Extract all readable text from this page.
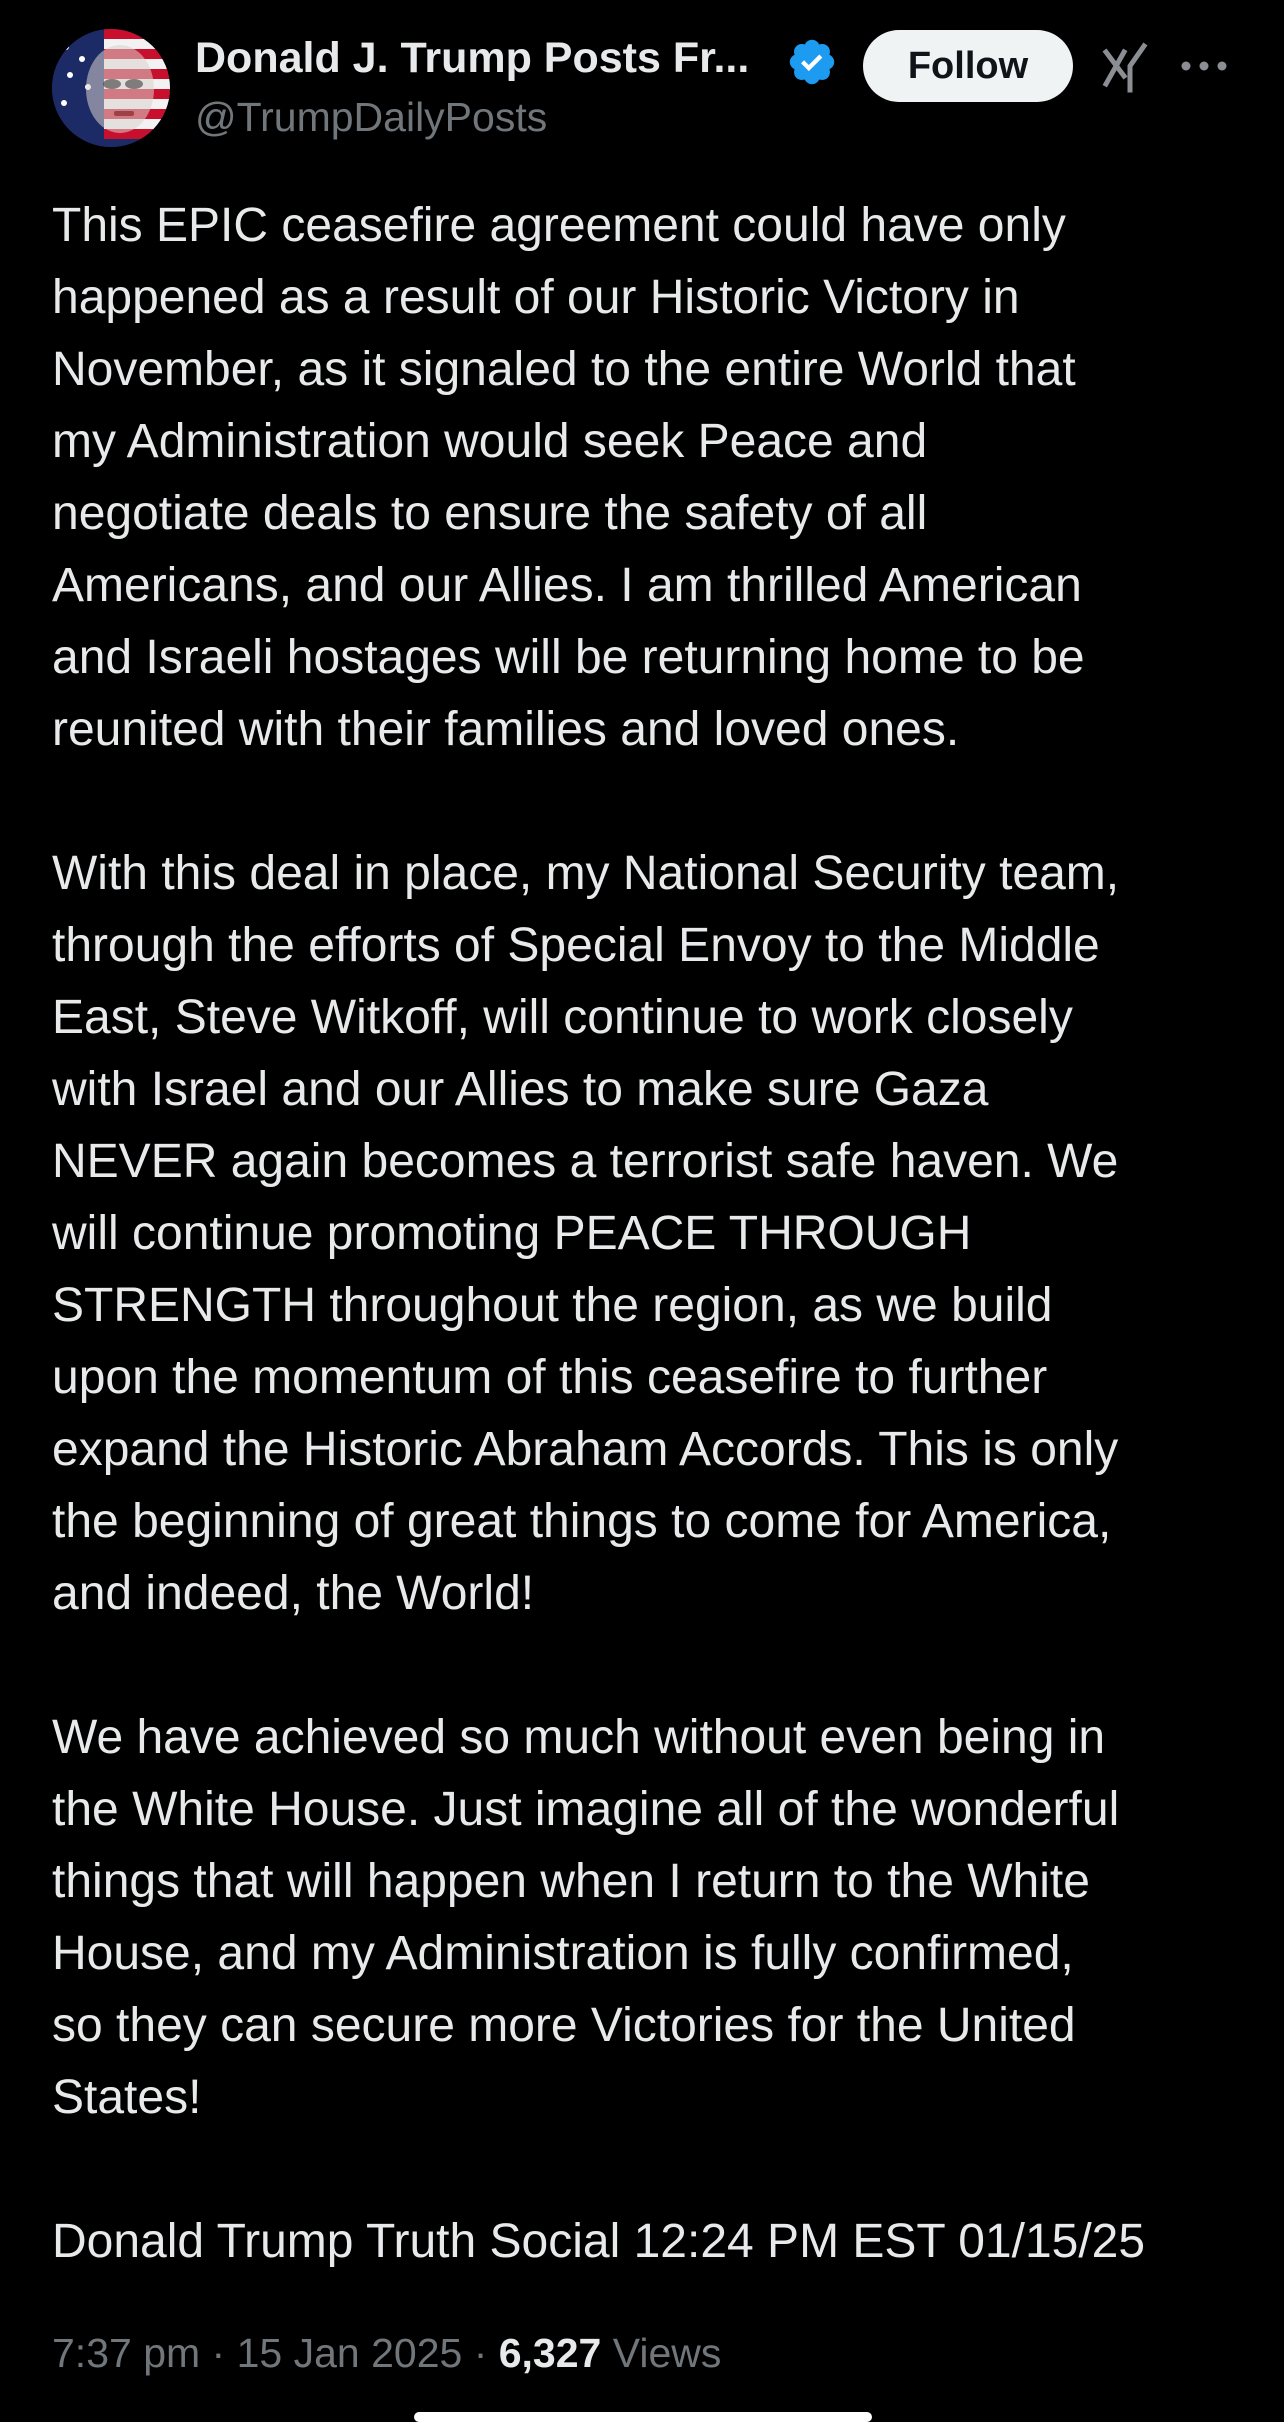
Donald J. Trump Posts Fr...
@TrumpDailyPosts
Follow

This EPIC ceasefire agreement could have only
happened as a result of our Historic Victory in
November, as it signaled to the entire World that
my Administration would seek Peace and
negotiate deals to ensure the safety of all
Americans, and our Allies. I am thrilled American
and Israeli hostages will be returning home to be
reunited with their families and loved ones.

With this deal in place, my National Security team,
through the efforts of Special Envoy to the Middle
East, Steve Witkoff, will continue to work closely
with Israel and our Allies to make sure Gaza
NEVER again becomes a terrorist safe haven. We
will continue promoting PEACE THROUGH
STRENGTH throughout the region, as we build
upon the momentum of this ceasefire to further
expand the Historic Abraham Accords. This is only
the beginning of great things to come for America,
and indeed, the World!

We have achieved so much without even being in
the White House. Just imagine all of the wonderful
things that will happen when I return to the White
House, and my Administration is fully confirmed,
so they can secure more Victories for the United
States!

Donald Trump Truth Social 12:24 PM EST 01/15/25

7:37 pm · 15 Jan 2025 · 6,327 Views
